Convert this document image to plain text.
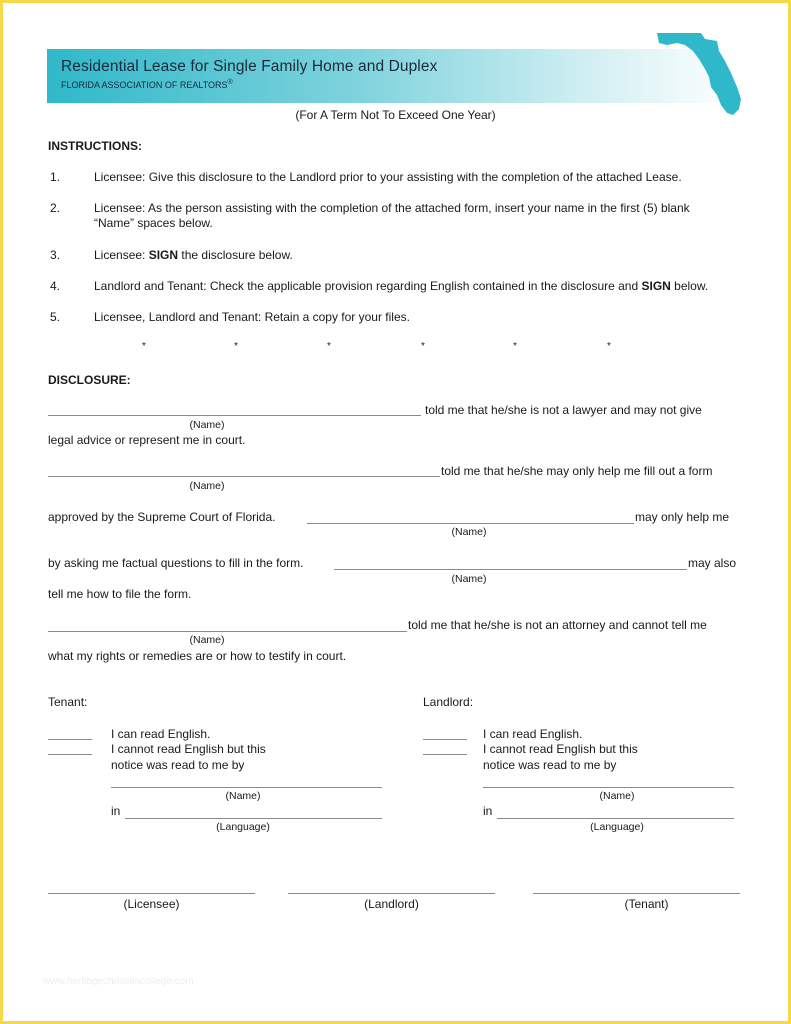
Residential Lease for Single Family Home and Duplex
FLORIDA ASSOCIATION OF REALTORS®
(For A Term Not To Exceed One Year)
INSTRUCTIONS:
1.	Licensee: Give this disclosure to the Landlord prior to your assisting with the completion of the attached Lease.
2.	Licensee: As the person assisting with the completion of the attached form, insert your name in the first (5) blank
“Name” spaces below.
3.	Licensee: SIGN the disclosure below.
4.	Landlord and Tenant: Check the applicable provision regarding English contained in the disclosure and SIGN below.
5.	Licensee, Landlord and Tenant: Retain a copy for your files.
*	*	*	*	*	*
DISCLOSURE:
told me that he/she is not a lawyer and may not give
(Name)
legal advice or represent me in court.
told me that he/she may only help me fill out a form
(Name)
approved by the Supreme Court of Florida.	may only help me
(Name)
by asking me factual questions to fill in the form.	may also
(Name)
tell me how to file the form.
told me that he/she is not an attorney and cannot tell me
(Name)
what my rights or remedies are or how to testify in court.
Tenant:
I can read English.
I cannot read English but this
notice was read to me by
(Name)
in
(Language)
Landlord:
I can read English.
I cannot read English but this
notice was read to me by
(Name)
in
(Language)
(Licensee)	(Landlord)	(Tenant)
www.heritagechristiancollege.com
